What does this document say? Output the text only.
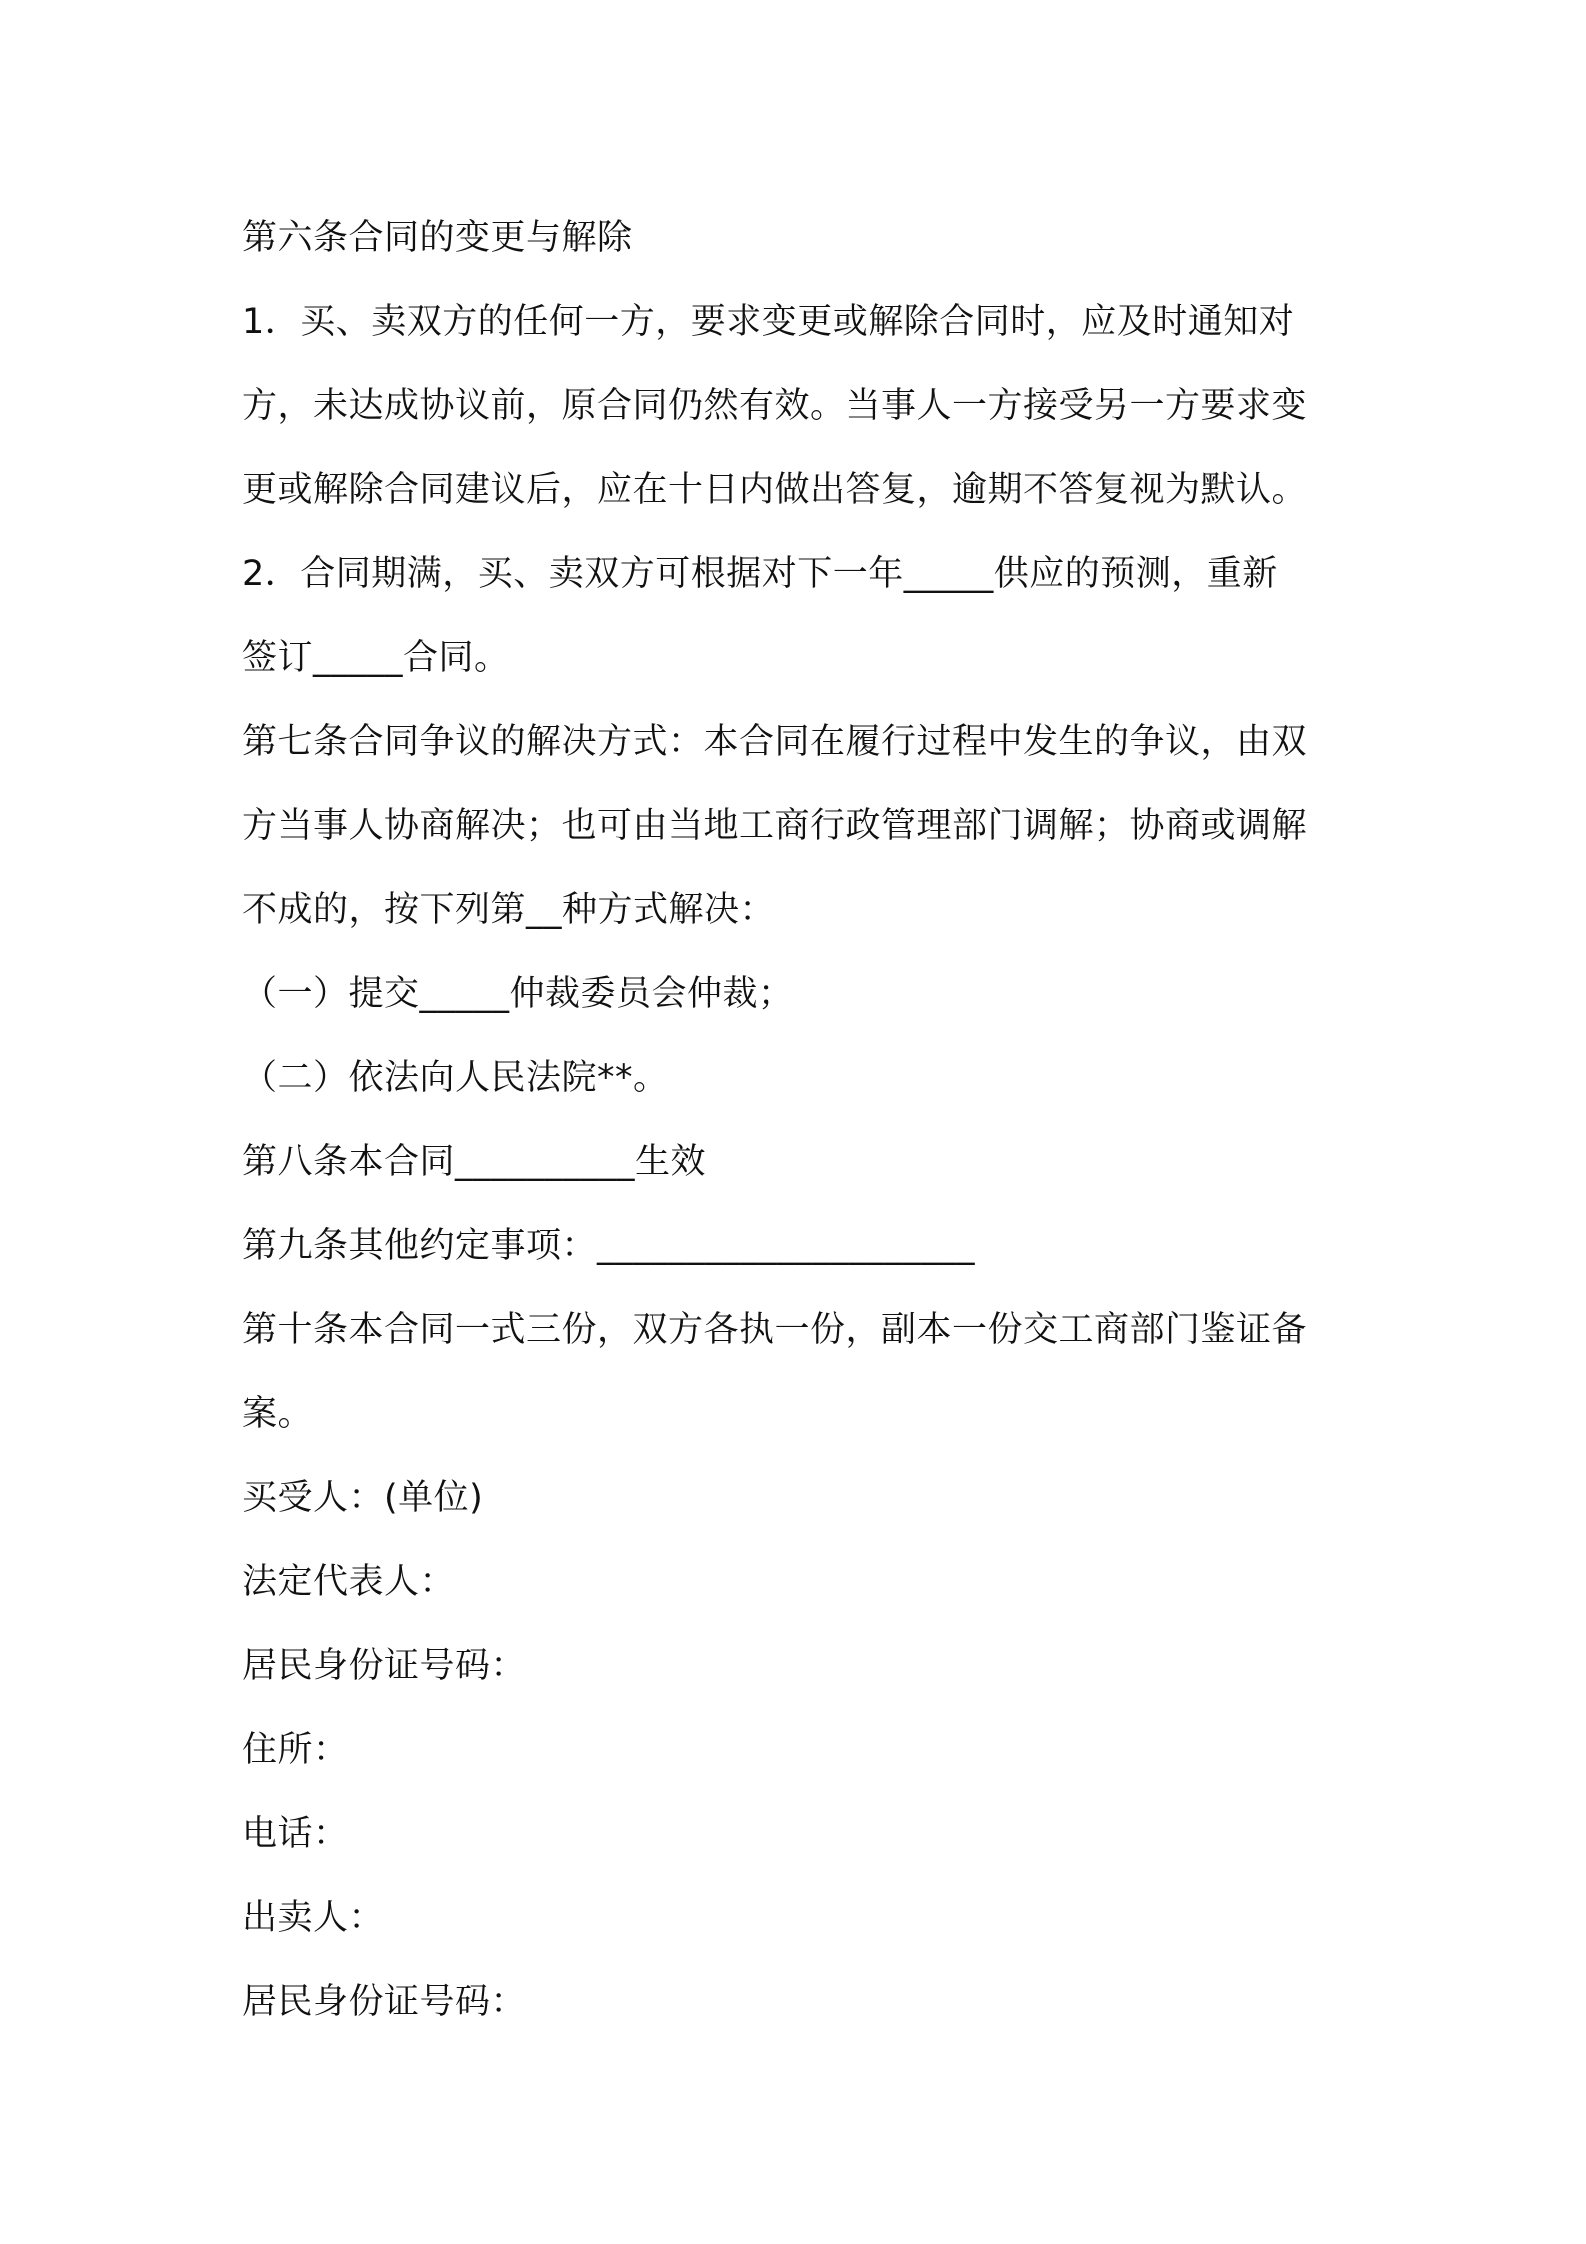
第六条合同的变更与解除
1．买、卖双方的任何一方，要求变更或解除合同时，应及时通知对
方，未达成协议前，原合同仍然有效。当事人一方接受另一方要求变
更或解除合同建议后，应在十日内做出答复，逾期不答复视为默认。
2．合同期满，买、卖双方可根据对下一年_____供应的预测，重新
签订_____合同。
第七条合同争议的解决方式：本合同在履行过程中发生的争议，由双
方当事人协商解决；也可由当地工商行政管理部门调解；协商或调解
不成的，按下列第__种方式解决：
（一）提交_____仲裁委员会仲裁；
（二）依法向人民法院**。
第八条本合同__________生效
第九条其他约定事项：_____________________
第十条本合同一式三份，双方各执一份，副本一份交工商部门鉴证备
案。
买受人：(单位)
法定代表人：
居民身份证号码：
住所：
电话：
出卖人：
居民身份证号码：
